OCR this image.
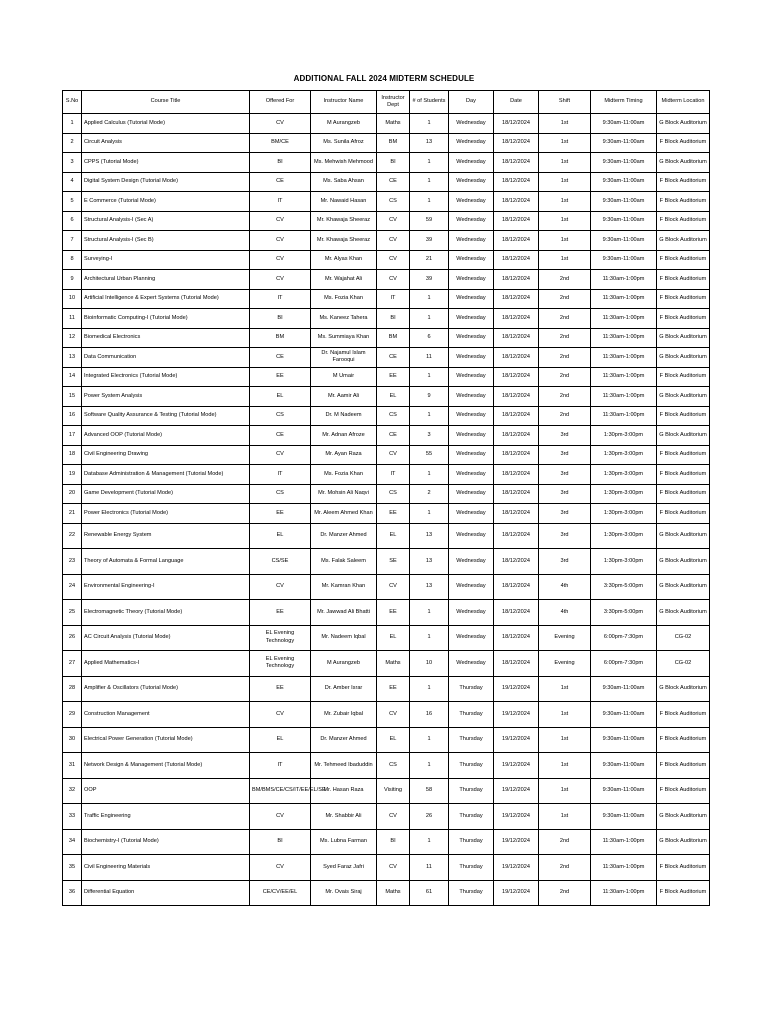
ADDITIONAL FALL 2024 MIDTERM SCHEDULE
S.No	Course Title	Offered For	Instructor Name	Instructor Dept	# of Students	Day	Date	Shift	Midterm Timing	Midterm Location
1	Applied Calculus (Tutorial Mode)	CV	M Aurangzeb	Maths	1	Wednesday	18/12/2024	1st	9:30am-11:00am	G Block Auditorium
2	Circuit Analysis	BM/CE	Ms. Sunila Afroz	BM	13	Wednesday	18/12/2024	1st	9:30am-11:00am	F Block Auditorium
3	CPPS (Tutorial Mode)	BI	Ms. Mehwish Mehmood	BI	1	Wednesday	18/12/2024	1st	9:30am-11:00am	G Block Auditorium
4	Digital System Design (Tutorial Mode)	CE	Ms. Saba Ahsan	CE	1	Wednesday	18/12/2024	1st	9:30am-11:00am	F Block Auditorium
5	E Commerce (Tutorial Mode)	IT	Mr. Nawaid Hasan	CS	1	Wednesday	18/12/2024	1st	9:30am-11:00am	F Block Auditorium
6	Structural Analysis-I (Sec A)	CV	Mr. Khawaja Sheeraz	CV	59	Wednesday	18/12/2024	1st	9:30am-11:00am	F Block Auditorium
7	Structural Analysis-I (Sec B)	CV	Mr. Khawaja Sheeraz	CV	39	Wednesday	18/12/2024	1st	9:30am-11:00am	G Block Auditorium
8	Surveying-I	CV	Mr. Alyas Khan	CV	21	Wednesday	18/12/2024	1st	9:30am-11:00am	F Block Auditorium
9	Architectural Urban Planning	CV	Mr. Wajahat Ali	CV	39	Wednesday	18/12/2024	2nd	11:30am-1:00pm	F Block Auditorium
10	Artificial Intelligence & Expert Systems (Tutorial Mode)	IT	Ms. Fozia Khan	IT	1	Wednesday	18/12/2024	2nd	11:30am-1:00pm	F Block Auditorium
11	Bioinformatic Computing-I (Tutorial Mode)	BI	Ms. Kaneez Tahera	BI	1	Wednesday	18/12/2024	2nd	11:30am-1:00pm	F Block Auditorium
12	Biomedical Electronics	BM	Ms. Summiaya Khan	BM	6	Wednesday	18/12/2024	2nd	11:30am-1:00pm	G Block Auditorium
13	Data Communication	CE	Dr. Najamul Islam Farooqui	CE	11	Wednesday	18/12/2024	2nd	11:30am-1:00pm	G Block Auditorium
14	Integrated Electronics (Tutorial Mode)	EE	M Umair	EE	1	Wednesday	18/12/2024	2nd	11:30am-1:00pm	F Block Auditorium
15	Power System Analysis	EL	Mr. Aamir Ali	EL	9	Wednesday	18/12/2024	2nd	11:30am-1:00pm	G Block Auditorium
16	Software Quality Assurance & Testing (Tutorial Mode)	CS	Dr. M Nadeem	CS	1	Wednesday	18/12/2024	2nd	11:30am-1:00pm	F Block Auditorium
17	Advanced OOP (Tutorial Mode)	CE	Mr. Adnan Afroze	CE	3	Wednesday	18/12/2024	3rd	1:30pm-3:00pm	G Block Auditorium
18	Civil Engineering Drawing	CV	Mr. Ayan Raza	CV	55	Wednesday	18/12/2024	3rd	1:30pm-3:00pm	F Block Auditorium
19	Database Administration & Management (Tutorial Mode)	IT	Ms. Fozia Khan	IT	1	Wednesday	18/12/2024	3rd	1:30pm-3:00pm	F Block Auditorium
20	Game Development (Tutorial Mode)	CS	Mr. Mohsin Ali Naqvi	CS	2	Wednesday	18/12/2024	3rd	1:30pm-3:00pm	F Block Auditorium
21	Power Electronics (Tutorial Mode)	EE	Mr. Aleem Ahmed Khan	EE	1	Wednesday	18/12/2024	3rd	1:30pm-3:00pm	F Block Auditorium
22	Renewable Energy System	EL	Dr. Manzer Ahmed	EL	13	Wednesday	18/12/2024	3rd	1:30pm-3:00pm	G Block Auditorium
23	Theory of Automata & Formal Language	CS/SE	Ms. Falak Saleem	SE	13	Wednesday	18/12/2024	3rd	1:30pm-3:00pm	G Block Auditorium
24	Environmental Engineering-I	CV	Mr. Kamran Khan	CV	13	Wednesday	18/12/2024	4th	3:30pm-5:00pm	G Block Auditorium
25	Electromagnetic Theory (Tutorial Mode)	EE	Mr. Jawwad Ali Bhatti	EE	1	Wednesday	18/12/2024	4th	3:30pm-5:00pm	G Block Auditorium
26	AC Circuit Analysis (Tutorial Mode)	EL Evening Technology	Mr. Nadeem Iqbal	EL	1	Wednesday	18/12/2024	Evening	6:00pm-7:30pm	CG-02
27	Applied Mathematics-I	EL Evening Technology	M Aurangzeb	Maths	10	Wednesday	18/12/2024	Evening	6:00pm-7:30pm	CG-02
28	Amplifier & Oscillators (Tutorial Mode)	EE	Dr. Amber Israr	EE	1	Thursday	19/12/2024	1st	9:30am-11:00am	G Block Auditorium
29	Construction Management	CV	Mr. Zubair Iqbal	CV	16	Thursday	19/12/2024	1st	9:30am-11:00am	F Block Auditorium
30	Electrical Power Generation (Tutorial Mode)	EL	Dr. Manzer Ahmed	EL	1	Thursday	19/12/2024	1st	9:30am-11:00am	F Block Auditorium
31	Network Design & Management (Tutorial Mode)	IT	Mr. Tehmeed Ibaduddin	CS	1	Thursday	19/12/2024	1st	9:30am-11:00am	F Block Auditorium
32	OOP	BM/BMS/CE/CS/IT/EE/EL/SE	Mr. Hasan Raza	Visiting	58	Thursday	19/12/2024	1st	9:30am-11:00am	F Block Auditorium
33	Traffic Engineering	CV	Mr. Shabbir Ali	CV	26	Thursday	19/12/2024	1st	9:30am-11:00am	G Block Auditorium
34	Biochemistry-I (Tutorial Mode)	BI	Ms. Lubna Farman	BI	1	Thursday	19/12/2024	2nd	11:30am-1:00pm	G Block Auditorium
35	Civil Engineering Materials	CV	Syed Faraz Jafri	CV	11	Thursday	19/12/2024	2nd	11:30am-1:00pm	F Block Auditorium
36	Differential Equation	CE/CV/EE/EL	Mr. Ovais Siraj	Maths	61	Thursday	19/12/2024	2nd	11:30am-1:00pm	F Block Auditorium
